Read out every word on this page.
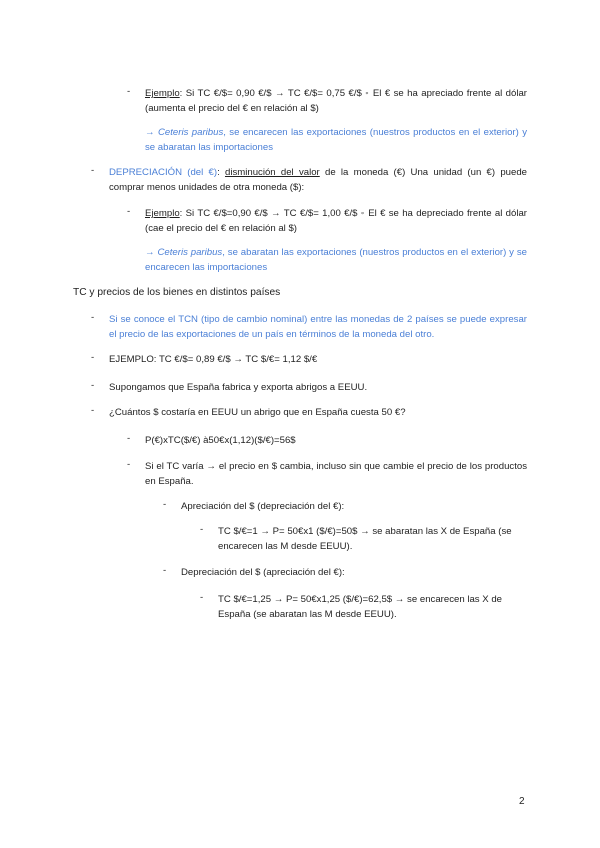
-	Ejemplo: Si TC €/$= 0,90 €/$ → TC €/$= 0,75 €/$ ◦ El € se ha apreciado frente al dólar (aumenta el precio del € en relación al $)
→ Ceteris paribus, se encarecen las exportaciones (nuestros productos en el exterior) y se abaratan las importaciones
-	DEPRECIACIÓN (del €): disminución del valor de la moneda (€) Una unidad (un €) puede comprar menos unidades de otra moneda ($):
-	Ejemplo: Si TC €/$=0,90 €/$ → TC €/$= 1,00 €/$ ◦ El € se ha depreciado frente al dólar (cae el precio del € en relación al $)
→ Ceteris paribus, se abaratan las exportaciones (nuestros productos en el exterior) y se encarecen las importaciones
TC y precios de los bienes en distintos países
-	Si se conoce el TCN (tipo de cambio nominal) entre las monedas de 2 países se puede expresar el precio de las exportaciones de un país en términos de la moneda del otro.
-	EJEMPLO: TC €/$= 0,89 €/$ → TC $/€= 1,12 $/€
-	Supongamos que España fabrica y exporta abrigos a EEUU.
-	¿Cuántos $ costaría en EEUU un abrigo que en España cuesta 50 €?
-	P(€)xTC($/€) à50€x(1,12)($/€)=56$
-	Si el TC varía → el precio en $ cambia, incluso sin que cambie el precio de los productos en España.
-	Apreciación del $ (depreciación del €):
-	TC $/€=1 → P= 50€x1 ($/€)=50$ → se abaratan las X de España (se encarecen las M desde EEUU).
-	Depreciación del $ (apreciación del €):
-	TC $/€=1,25 → P= 50€x1,25 ($/€)=62,5$ → se encarecen las X de España (se abaratan las M desde EEUU).
2
